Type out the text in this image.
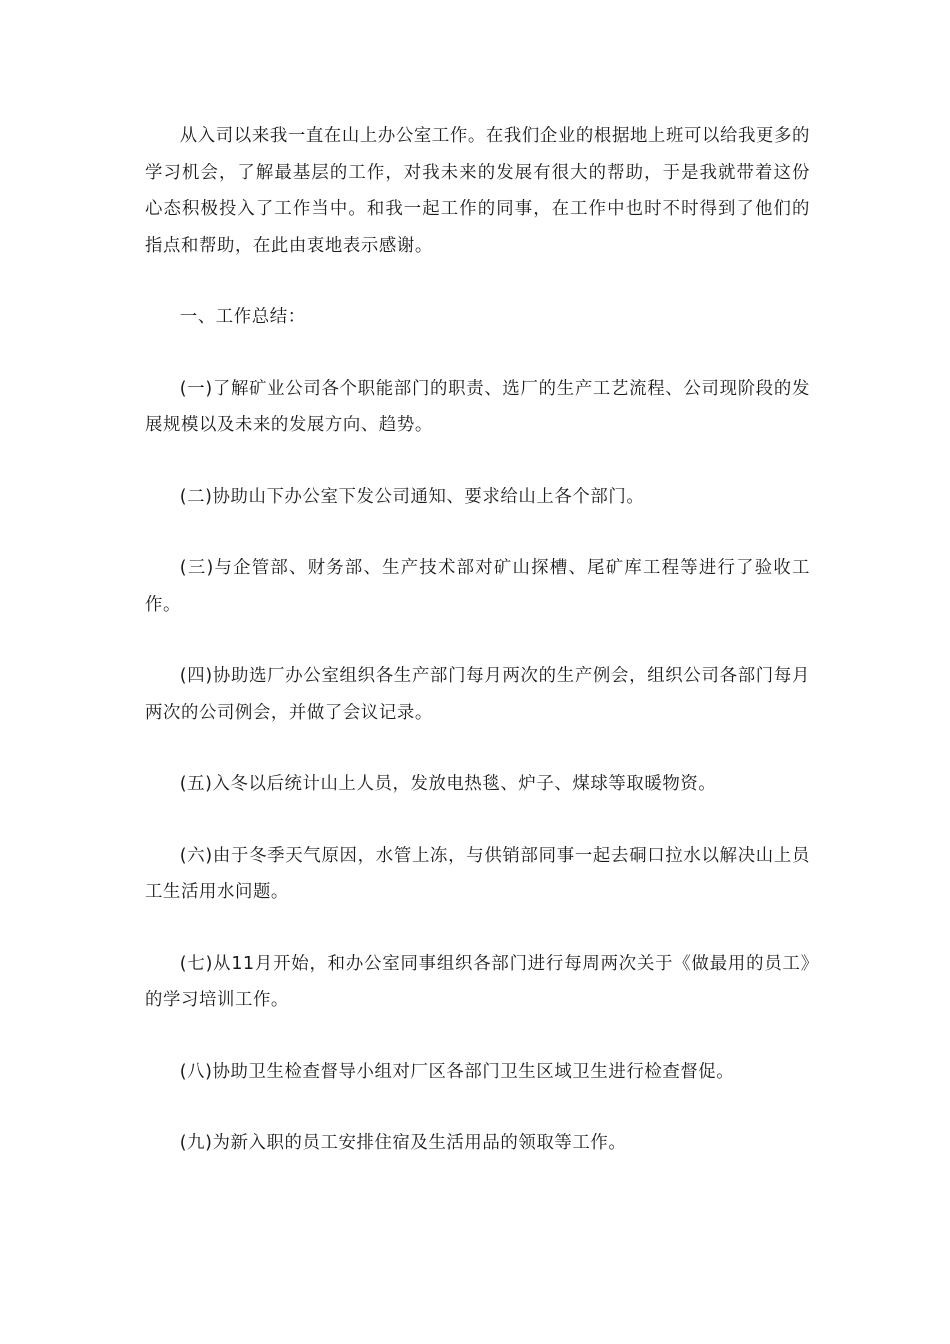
从入司以来我一直在山上办公室工作。在我们企业的根据地上班可以给我更多的学习机会，了解最基层的工作，对我未来的发展有很大的帮助，于是我就带着这份心态积极投入了工作当中。和我一起工作的同事，在工作中也时不时得到了他们的指点和帮助，在此由衷地表示感谢。

一、工作总结：

(一)了解矿业公司各个职能部门的职责、选厂的生产工艺流程、公司现阶段的发展规模以及未来的发展方向、趋势。

(二)协助山下办公室下发公司通知、要求给山上各个部门。

(三)与企管部、财务部、生产技术部对矿山探槽、尾矿库工程等进行了验收工作。

(四)协助选厂办公室组织各生产部门每月两次的生产例会，组织公司各部门每月两次的公司例会，并做了会议记录。

(五)入冬以后统计山上人员，发放电热毯、炉子、煤球等取暖物资。

(六)由于冬季天气原因，水管上冻，与供销部同事一起去硐口拉水以解决山上员工生活用水问题。

(七)从11月开始，和办公室同事组织各部门进行每周两次关于《做最用的员工》的学习培训工作。

(八)协助卫生检查督导小组对厂区各部门卫生区域卫生进行检查督促。

(九)为新入职的员工安排住宿及生活用品的领取等工作。
